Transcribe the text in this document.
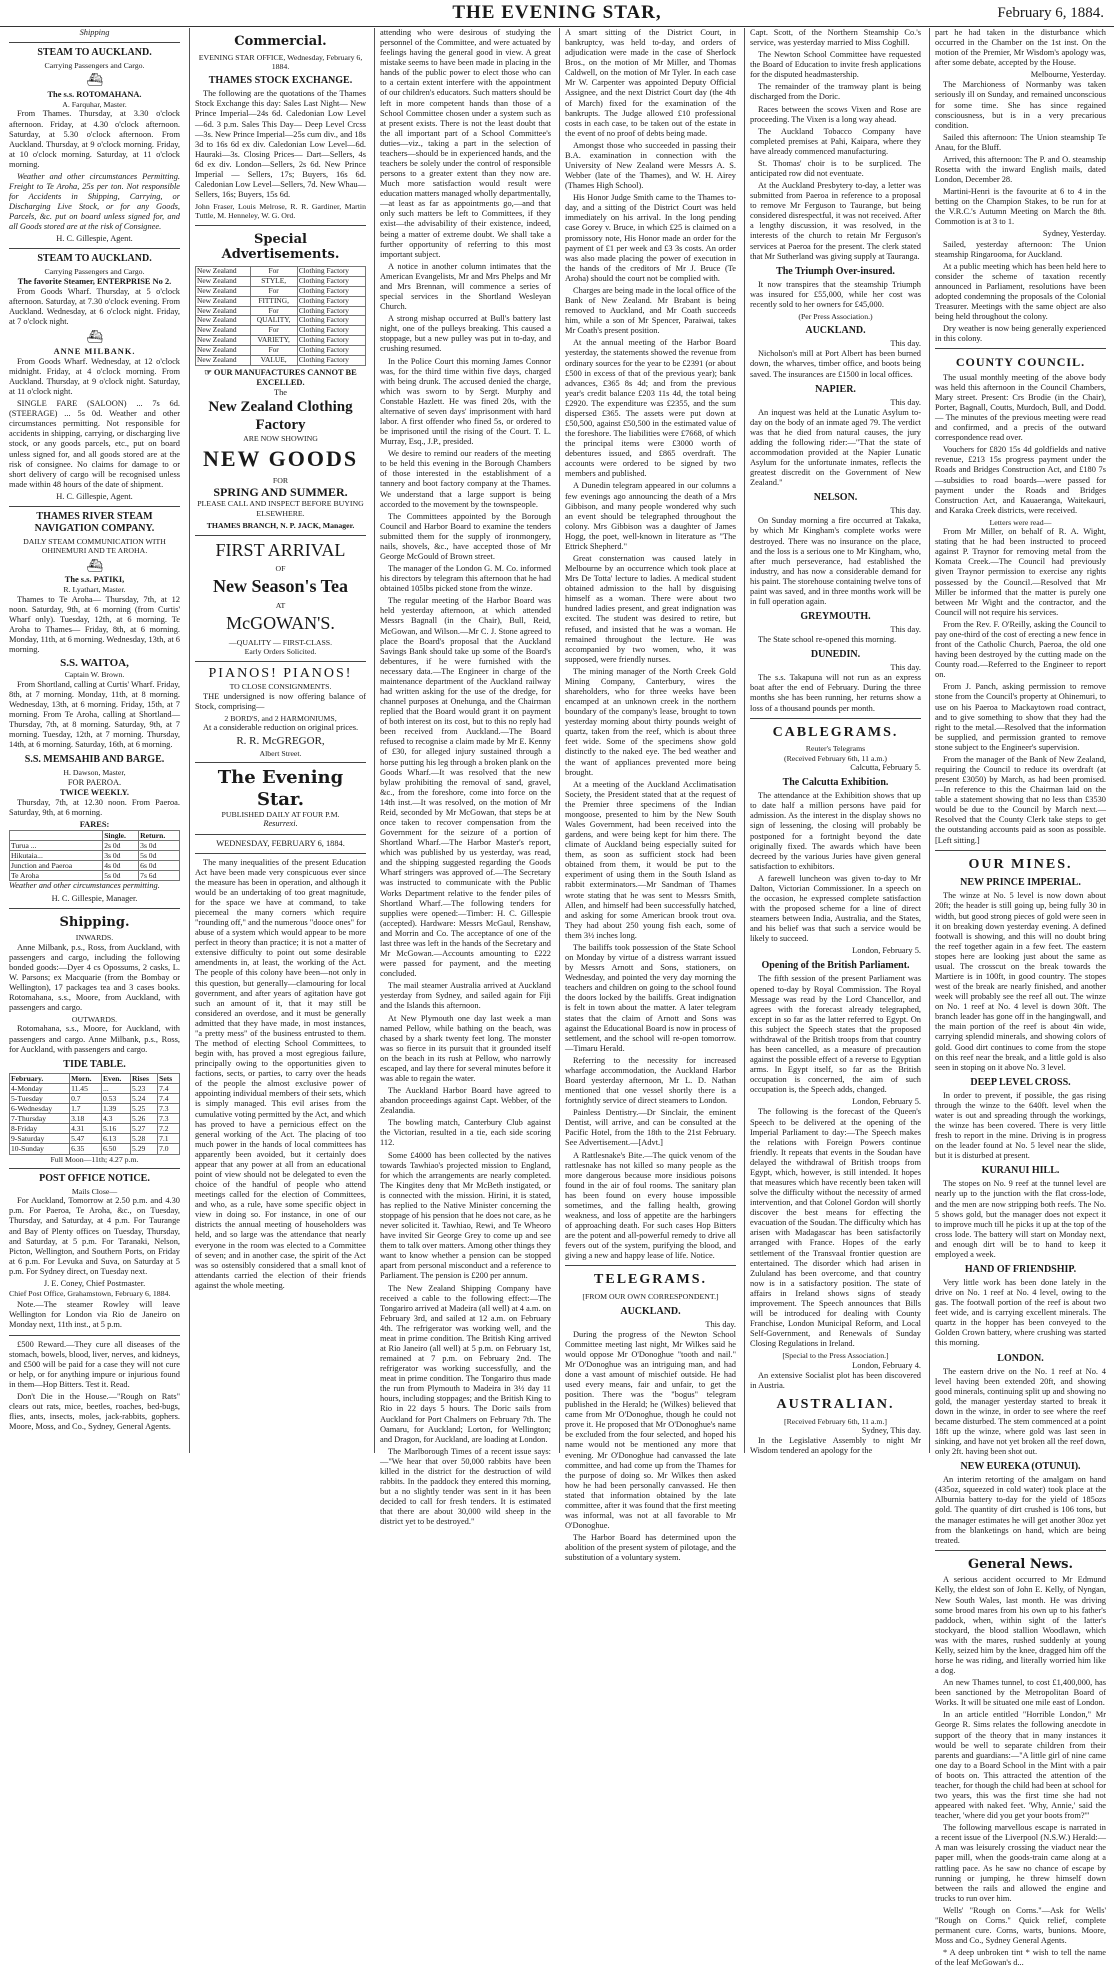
THE EVENING STAR,	February 6, 1884.
Shipping
STEAM TO AUCKLAND.
Carrying Passengers and Cargo.
⛴
The s.s. ROTOMAHANA.
A. Farquhar, Master.

From Thames. Thursday, at 3.30 o'clock afternoon. Friday, at 4.30 o'clock afternoon. Saturday, at 5.30 o'clock afternoon. From Auckland. Thursday, at 9 o'clock morning. Friday, at 10 o'clock morning. Saturday, at 11 o'clock morning.

Weather and other circumstances Permitting. Freight to Te Aroha, 25s per ton. Not responsible for Accidents in Shipping, Carrying, or Discharging Live Stock, or for any Goods, Parcels, &c. put on board unless signed for, and all Goods stored are at the risk of Consignee.

H. C. Gillespie, Agent.
STEAM TO AUCKLAND.
Carrying Passengers and Cargo.
The favorite Steamer, ENTERPRISE No 2.

From Goods Wharf. Thursday, at 5 o'clock afternoon. Saturday, at 7.30 o'clock evening. From Auckland. Wednesday, at 6 o'clock night. Friday, at 7 o'clock night.

⛴
ANNE MILBANK.

From Goods Wharf. Wednesday, at 12 o'clock midnight. Friday, at 4 o'clock morning. From Auckland. Thursday, at 9 o'clock night. Saturday, at 11 o'clock night.

SINGLE FARE (SALOON) ... 7s 6d. (STEERAGE) ... 5s 0d. Weather and other circumstances permitting. Not responsible for accidents in shipping, carrying, or discharging live stock, or any goods parcels, etc., put on board unless signed for, and all goods stored are at the risk of consignee. No claims for damage to or short delivery of cargo will be recognised unless made within 48 hours of the date of shipment.

H. C. Gillespie, Agent.
THAMES RIVER STEAM NAVIGATION COMPANY.
DAILY STEAM COMMUNICATION WITH OHINEMURI AND TE AROHA.
⛴
The s.s. PATIKI,
R. Lyathart, Master.

Thames to Te Aroha— Thursday, 7th, at 12 noon. Saturday, 9th, at 6 morning (from Curtis' Wharf only). Tuesday, 12th, at 6 morning. Te Aroha to Thames— Friday, 8th, at 6 morning. Monday, 11th, at 6 morning. Wednesday, 13th, at 6 morning.

S.S. WAITOA,
Captain W. Brown.

From Shortland, calling at Curtis' Wharf. Friday, 8th, at 7 morning. Monday, 11th, at 8 morning. Wednesday, 13th, at 6 morning. Friday, 15th, at 7 morning. From Te Aroha, calling at Shortland— Thursday, 7th, at 8 morning. Saturday, 9th, at 7 morning. Tuesday, 12th, at 7 morning. Thursday, 14th, at 6 morning. Saturday, 16th, at 6 morning.

S.S. MEMSAHIB AND BARGE.
H. Dawson, Master,
FOR PAEROA.
TWICE WEEKLY.

Thursday, 7th, at 12.30 noon. From Paeroa. Saturday, 9th, at 6 morning.

FARES:
	Single.	Return.
Turua ...	2s 0d	3s 0d
Hikutaia...	3s 0d	5s 0d
Junction and Paeroa	4s 0d	6s 0d
Te Aroha	5s 0d	7s 6d

Weather and other circumstances permitting.

H. C. Gillespie, Manager.
Shipping.
INWARDS.

Anne Milbank, p.s., Ross, from Auckland, with passengers and cargo, including the following bonded goods:—Dyer 4 cs Opossums, 2 casks, L. W. Parsons; ex Macquarie (from the Bombay or Wellington), 17 packages tea and 3 cases books. Rotomahana, s.s., Moore, from Auckland, with passengers and cargo.

OUTWARDS.

Rotomahana, s.s., Moore, for Auckland, with passengers and cargo. Anne Milbank, p.s., Ross, for Auckland, with passengers and cargo.

TIDE TABLE.
February.	Morn.	Even.	Rises	Sets
4-Monday	11.45	...	5.23	7.4
5-Tuesday	0.7	0.53	5.24	7.4
6-Wednesday	1.7	1.39	5.25	7.3
7-Thursday	3.18	4.3	5.26	7.3
8-Friday	4.31	5.16	5.27	7.2
9-Saturday	5.47	6.13	5.28	7.1
10-Sunday	6.35	6.50	5.29	7.0
Full Moon—11th; 4.27 p.m.
POST OFFICE NOTICE.
Mails Close—

For Auckland, Tomorrow at 2.50 p.m. and 4.30 p.m. For Paeroa, Te Aroha, &c., on Tuesday, Thursday, and Saturday, at 4 p.m. For Taurange and Bay of Plenty offices on Tuesday, Thursday, and Saturday, at 5 p.m. For Taranaki, Nelson, Picton, Wellington, and Southern Ports, on Friday at 6 p.m. For Levuka and Suva, on Saturday at 5 p.m. For Sydney direct, on Tuesday next.

J. E. Coney, Chief Postmaster.

Chief Post Office, Grahamstown, February 6, 1884.

Note.—The steamer Rowley will leave Wellington for London via Rio de Janeiro on Monday next, 11th inst., at 5 p.m.

£500 Reward.—They cure all diseases of the stomach, bowels, blood, liver, nerves, and kidneys, and £500 will be paid for a case they will not cure or help, or for anything impure or injurious found in them—Hop Bitters. Test it. Read.

Don't Die in the House.—"Rough on Rats" clears out rats, mice, beetles, roaches, bed-bugs, flies, ants, insects, moles, jack-rabbits, gophers. Moore, Moss, and Co., Sydney, General Agents.

Commercial.
EVENING STAR OFFICE, Wednesday, February 6, 1884.
THAMES STOCK EXCHANGE.

The following are the quotations of the Thames Stock Exchange this day: Sales Last Night— New Prince Imperial—24s 6d. Caledonian Low Level—6d. 3 p.m. Sales This Day— Deep Level Crcss—3s. New Prince Imperial—25s cum div., and 18s 3d to 16s 6d ex div. Caledonian Low Level—6d. Hauraki—3s. Closing Prices— Dart—Sellers, 4s 6d ex div. London—Sellers, 2s 6d. New Prince Imperial — Sellers, 17s; Buyers, 16s 6d. Caledonian Low Level—Sellers, 7d. New Whau—Sellers, 16s; Buyers, 15s 6d.

John Fraser, Louis Melrose, R. R. Gardiner, Martin Tuttle, M. Henneley, W. G. Ord.

Special Advertisements.
New Zealand	For	Clothing Factory
New Zealand	STYLE,	Clothing Factory
New Zealand	For	Clothing Factory
New Zealand	FITTING,	Clothing Factory
New Zealand	For	Clothing Factory
New Zealand	QUALITY,	Clothing Factory
New Zealand	For	Clothing Factory
New Zealand	VARIETY,	Clothing Factory
New Zealand	For	Clothing Factory
New Zealand	VALUE,	Clothing Factory
☞ OUR MANUFACTURES CANNOT BE EXCELLED.
The
New Zealand Clothing Factory
ARE NOW SHOWING
NEW GOODS
FOR
SPRING AND SUMMER.
PLEASE CALL AND INSPECT BEFORE BUYING ELSEWHERE.
THAMES BRANCH, N. P. JACK, Manager.
FIRST ARRIVAL
OF
New Season's Tea
AT
McGOWAN'S.
—QUALITY — FIRST-CLASS.
Early Orders Solicited.
PIANOS! PIANOS!
TO CLOSE CONSIGNMENTS.

THE undersigned is now offering balance of Stock, comprising—

2 BORD'S, and 2 HARMONIUMS,

At a considerable reduction on original prices.

R. R. McGREGOR,
Albert Street.
The Evening Star.
PUBLISHED DAILY AT FOUR P.M.
Resurrexi.
WEDNESDAY, FEBRUARY 6, 1884.

The many inequalities of the present Education Act have been made very conspicuous ever since the measure has been in operation, and although it would be an undertaking of too great magnitude, for the space we have at command, to take piecemeal the many corners which require "rounding off," and the numerous "dooce ones" for abuse of a system which would appear to be more perfect in theory than practice; it is not a matter of extensive difficulty to point out some desirable amendments in, at least, the working of the Act. The people of this colony have been—not only in this question, but generally—clamouring for local government, and after years of agitation have got such an amount of it, that it may still be considered an overdose, and it must be generally admitted that they have made, in most instances, "a pretty mess" of the business entrusted to them. The method of electing School Committees, to begin with, has proved a most egregious failure, principally owing to the opportunities given to factions, sects, or parties, to carry over the heads of the people the almost exclusive power of appointing individual members of their sets, which is simply managed. This evil arises from the cumulative voting permitted by the Act, and which has proved to have a pernicious effect on the general working of the Act. The placing of too much power in the hands of local committees has apparently been avoided, but it certainly does appear that any power at all from an educational point of view should not be delegated to even the choice of the handful of people who attend meetings called for the election of Committees, and who, as a rule, have some specific object in view in doing so. For instance, in one of our districts the annual meeting of householders was held, and so large was the attendance that nearly everyone in the room was elected to a Committee of seven; and in another case, the spirit of the Act was so ostensibly considered that a small knot of attendants carried the election of their friends against the whole meeting.

attending who were desirous of studying the personnel of the Committee, and were actuated by feelings having the general good in view. A great mistake seems to have been made in placing in the hands of the public power to elect those who can to a certain extent interfere with the appointment of our children's educators. Such matters should be left in more competent hands than those of a School Committee chosen under a system such as at present exists. There is not the least doubt that the all important part of a School Committee's duties—viz., taking a part in the selection of teachers—should be in experienced hands, and the teachers be solely under the control of responsible persons to a greater extent than they now are. Much more satisfaction would result were education matters managed wholly departmentally,—at least as far as appointments go,—and that only such matters be left to Committees, if they exist—the advisability of their existence, indeed, being a matter of extreme doubt. We shall take a further opportunity of referring to this most important subject.

A notice in another column intimates that the American Evangelists, Mr and Mrs Phelps and Mr and Mrs Brennan, will commence a series of special services in the Shortland Wesleyan Church.

A strong mishap occurred at Bull's battery last night, one of the pulleys breaking. This caused a stoppage, but a new pulley was put in to-day, and crushing resumed.

In the Police Court this morning James Connor was, for the third time within five days, charged with being drunk. The accused denied the charge, which was sworn to by Sergt. Murphy and Constable Hazlett. He was fined 20s, with the alternative of seven days' imprisonment with hard labor. A first offender who fined 5s, or ordered to be imprisoned until the rising of the Court. T. L. Murray, Esq., J.P., presided.

We desire to remind our readers of the meeting to be held this evening in the Borough Chambers of those interested in the establishment of a tannery and boot factory company at the Thames. We understand that a large support is being accorded to the movement by the townspeople.

The Committees appointed by the Borough Council and Harbor Board to examine the tenders submitted them for the supply of ironmongery, nails, shovels, &c., have accepted those of Mr George McGould of Brown street.

The manager of the London G. M. Co. informed his directors by telegram this afternoon that he had obtained 105lbs picked stone from the winze.

The regular meeting of the Harbor Board was held yesterday afternoon, at which attended Messrs Bagnall (in the Chair), Bull, Reid, McGowan, and Wilson.—Mr C. J. Stone agreed to place the Board's proposal that the Auckland Savings Bank should take up some of the Board's debentures, if he were furnished with the necessary data.—The Engineer in charge of the maintenance department of the Auckland railway had written asking for the use of the dredge, for channel purposes at Onehunga, and the Chairman replied that the Board would grant it on payment of both interest on its cost, but to this no reply had been received from Auckland.—The Board refused to recognise a claim made by Mr E. Kenny of £30, for alleged injury sustained through a horse putting his leg through a broken plank on the Goods Wharf.—It was resolved that the new bylaw prohibiting the removal of sand, gravel, &c., from the foreshore, come into force on the 14th inst.—It was resolved, on the motion of Mr Reid, seconded by Mr McGowan, that steps be at once taken to recover compensation from the Government for the seizure of a portion of Shortland Wharf.—The Harbor Master's report, which was published by us yesterday, was read, and the shipping suggested regarding the Goods Wharf stringers was approved of.—The Secretary was instructed to communicate with the Public Works Department relative to the fender piles of Shortland Wharf.—The following tenders for supplies were opened:—Timber: H. C. Gillespie (accepted). Hardware: Messrs McGaul, Renshaw, and Morrin and Co. The acceptance of one of the last three was left in the hands of the Secretary and Mr McGowan.—Accounts amounting to £222 were passed for payment, and the meeting concluded.

The mail steamer Australia arrived at Auckland yesterday from Sydney, and sailed again for Fiji and the Islands this afternoon.

At New Plymouth one day last week a man named Pellow, while bathing on the beach, was chased by a shark twenty feet long. The monster was so fierce in its pursuit that it grounded itself on the beach in its rush at Pellow, who narrowly escaped, and lay there for several minutes before it was able to regain the water.

The Auckland Harbor Board have agreed to abandon proceedings against Capt. Webber, of the Zealandia.

The bowling match, Canterbury Club against the Victorian, resulted in a tie, each side scoring 112.

Some £4000 has been collected by the natives towards Tawhiao's projected mission to England, for which the arrangements are nearly completed. The Kingites deny that Mr McBeth instigated, or is connected with the mission. Hirini, it is stated, has replied to the Native Minister concerning the stoppage of his pension that he does not care, as he never solicited it. Tawhiao, Rewi, and Te Wheoro have invited Sir George Grey to come up and see them to talk over matters. Among other things they want to know whether a pension can be stopped apart from personal misconduct and a reference to Parliament. The pension is £200 per annum.

The New Zealand Shipping Company have received a cable to the following effect:—The Tongariro arrived at Madeira (all well) at 4 a.m. on February 3rd, and sailed at 12 a.m. on February 4th. The refrigerator was working well, and the meat in prime condition. The British King arrived at Rio Janeiro (all well) at 5 p.m. on February 1st, remained at 7 p.m. on February 2nd. The refrigerator was working successfully, and the meat in prime condition. The Tongariro thus made the run from Plymouth to Madeira in 3½ day 11 hours, including stoppages; and the British King to Rio in 22 days 5 hours. The Doric sails from Auckland for Port Chalmers on February 7th. The Oamaru, for Auckland; Lorton, for Wellington; and Dragon, for Auckland, are loading at London.

The Marlborough Times of a recent issue says:—"We hear that over 50,000 rabbits have been killed in the district for the destruction of wild rabbits. In the paddock they entered this morning, but a no slightly tender was sent in it has been decided to call for fresh tenders. It is estimated that there are about 30,000 wild sheep in the district yet to be destroyed."

A smart sitting of the District Court, in bankruptcy, was held to-day, and orders of adjudication were made in the case of Sherlock Bros., on the motion of Mr Miller, and Thomas Caldwell, on the motion of Mr Tyler. In each case Mr W. Carpenter was appointed Deputy Official Assignee, and the next District Court day (the 4th of March) fixed for the examination of the bankrupts. The Judge allowed £10 professional costs in each case, to be taken out of the estate in the event of no proof of debts being made.

Amongst those who succeeded in passing their B.A. examination in connection with the University of New Zealand were Messrs A. S. Webber (late of the Thames), and W. H. Airey (Thames High School).

His Honor Judge Smith came to the Thames to-day, and a sitting of the District Court was held immediately on his arrival. In the long pending case Gorey v. Bruce, in which £25 is claimed on a promissory note, His Honor made an order for the payment of £1 per week and £3 3s costs. An order was also made placing the power of execution in the hands of the creditors of Mr J. Bruce (Te Aroha) should the court not be complied with.

Charges are being made in the local office of the Bank of New Zealand. Mr Brabant is being removed to Auckland, and Mr Coath succeeds him, while a son of Mr Spencer, Paraiwai, takes Mr Coath's present position.

At the annual meeting of the Harbor Board yesterday, the statements showed the revenue from ordinary sources for the year to be £2391 (or about £500 in excess of that of the previous year); bank advances, £365 8s 4d; and from the previous year's credit balance £203 11s 4d, the total being £2920. The expenditure was £2355, and the sum dispersed £365. The assets were put down at £50,500, against £50,500 in the estimated value of the foreshore. The liabilities were £7668, of which the principal items were £3000 worth of debentures issued, and £865 overdraft. The accounts were ordered to be signed by two members and published.

A Dunedin telegram appeared in our columns a few evenings ago announcing the death of a Mrs Gibbison, and many people wondered why such an event should be telegraphed throughout the colony. Mrs Gibbison was a daughter of James Hogg, the poet, well-known in literature as "The Ettrick Shepherd."

Great consternation was caused lately in Melbourne by an occurrence which took place at Mrs De Totta' lecture to ladies. A medical student obtained admission to the hall by disguising himself as a woman. There were about two hundred ladies present, and great indignation was excited. The student was desired to retire, but refused, and insisted that he was a woman. He remained throughout the lecture. He was accompanied by two women, who, it was supposed, were friendly nurses.

The mining manager of the North Creek Gold Mining Company, Canterbury, wires the shareholders, who for three weeks have been encamped at an unknown creek in the northern boundary of the company's lease, brought to town yesterday morning about thirty pounds weight of quartz, taken from the reef, which is about three feet wide. Some of the specimens show gold distinctly to the naked eye. The bed weather and the want of appliances prevented more being brought.

At a meeting of the Auckland Acclimatisation Society, the President stated that at the request of the Premier three specimens of the Indian mongoose, presented to him by the New South Wales Government, had been received into the gardens, and were being kept for him there. The climate of Auckland being especially suited for them, as soon as sufficient stock had been obtained from them, it would be put to the experiment of using them in the South Island as rabbit exterminators.—Mr Sandman of Thames wrote stating that he was sent to Messrs Smith, Allen, and himself had been successfully hatched, and asking for some American brook trout ova. They had about 250 young fish each, some of them 3½ inches long.

The bailiffs took possession of the State School on Monday by virtue of a distress warrant issued by Messrs Arnott and Sons, stationers, on Wednesday, and pointed the very day morning the teachers and children on going to the school found the doors locked by the bailiffs. Great indignation is felt in town about the matter. A later telegram states that the claim of Arnott and Sons was against the Educational Board is now in process of settlement, and the school will re-open tomorrow.—Timaru Herald.

Referring to the necessity for increased wharfage accommodation, the Auckland Harbor Board yesterday afternoon, Mr L. D. Nathan mentioned that one vessel shortly there is a fortnightly service of direct steamers to London.

Painless Dentistry.—Dr Sinclair, the eminent Dentist, will arrive, and can be consulted at the Pacific Hotel, from the 18th to the 21st February. See Advertisement.—[Advt.]

A Rattlesnake's Bite.—The quick venom of the rattlesnake has not killed so many people as the more dangerous because more insidious poisons found in the air of foul rooms. The sanitary plan has been found on every house impossible sometimes, and the falling health, growing weakness, and loss of appetite are the harbingers of approaching death. For such cases Hop Bitters are the potent and all-powerful remedy to drive all fevers out of the system, purifying the blood, and giving a new and happy lease of life. Notice.

TELEGRAMS.
[FROM OUR OWN CORRESPONDENT.]
AUCKLAND.
This day.

During the progress of the Newton School Committee meeting last night, Mr Wilkes said he would oppose Mr O'Donoghue "tooth and nail." Mr O'Donoghue was an intriguing man, and had done a vast amount of mischief outside. He had used every means, fair and unfair, to get the position. There was the "bogus" telegram published in the Herald; he (Wilkes) believed that came from Mr O'Donoghue, though he could not prove it. He proposed that Mr O'Donoghue's name be excluded from the four selected, and hoped his name would not be mentioned any more that evening. Mr O'Donoghue had canvassed the late committee, and had come up from the Thames for the purpose of doing so. Mr Wilkes then asked how he had been personally canvassed. He then stated that information obtained by the late committee, after it was found that the first meeting was informal, was not at all favorable to Mr O'Donoghue.

The Harbor Board has determined upon the abolition of the present system of pilotage, and the substitution of a voluntary system.

Capt. Scott, of the Northern Steamship Co.'s service, was yesterday married to Miss Coghill.

The Newton School Committee have requested the Board of Education to invite fresh applications for the disputed headmastership.

The remainder of the tramway plant is being discharged from the Doric.

Races between the scows Vixen and Rose are proceeding. The Vixen is a long way ahead.

The Auckland Tobacco Company have completed premises at Pahi, Kaipara, where they have already commenced manufacturing.

St. Thomas' choir is to be surpliced. The anticipated row did not eventuate.

At the Auckland Presbytery to-day, a letter was submitted from Paeroa in reference to a proposal to remove Mr Ferguson to Taurange, but being considered disrespectful, it was not received. After a lengthy discussion, it was resolved, in the interests of the church to retain Mr Ferguson's services at Paeroa for the present. The clerk stated that Mr Sutherland was giving supply at Tauranga.

The Triumph Over-insured.

It now transpires that the steamship Triumph was insured for £55,000, while her cost was recently sold to her owners for £45,000.

(Per Press Association.)
AUCKLAND.
This day.

Nicholson's mill at Port Albert has been burned down, the wharves, timber office, and boots being saved. The insurances are £1500 in local offices.

NAPIER.
This day.

An inquest was held at the Lunatic Asylum to-day on the body of an inmate aged 79. The verdict was that he died from natural causes, the jury adding the following rider:—"That the state of accommodation provided at the Napier Lunatic Asylum for the unfortunate inmates, reflects the greatest discredit on the Government of New Zealand."

NELSON.
This day.

On Sunday morning a fire occurred at Takaka, by which Mr Kingham's complete works were destroyed. There was no insurance on the place, and the loss is a serious one to Mr Kingham, who, after much perseverance, had established the industry, and has now a considerable demand for his paint. The storehouse containing twelve tons of paint was saved, and in three months work will be in full operation again.

GREYMOUTH.
This day.

The State school re-opened this morning.

DUNEDIN.
This day.

The s.s. Takapuna will not run as an express boat after the end of February. During the three months she has been running, her returns show a loss of a thousand pounds per month.

CABLEGRAMS.
Reuter's Telegrams
(Received February 6th, 11 a.m.)
Calcutta, February 5.
The Calcutta Exhibition.

The attendance at the Exhibition shows that up to date half a million persons have paid for admission. As the interest in the display shows no sign of lessening, the closing will probably be postponed for a fortnight beyond the date originally fixed. The awards which have been decreed by the various Juries have given general satisfaction to exhibitors.

A farewell luncheon was given to-day to Mr Dalton, Victorian Commissioner. In a speech on the occasion, he expressed complete satisfaction with the proposed scheme for a line of direct steamers between India, Australia, and the States, and his belief was that such a service would be likely to succeed.

London, February 5.
Opening of the British Parliament.

The fifth session of the present Parliament was opened to-day by Royal Commission. The Royal Message was read by the Lord Chancellor, and agrees with the forecast already telegraphed, except in so far as the latter referred to Egypt. On this subject the Speech states that the proposed withdrawal of the British troops from that country has been cancelled, as a measure of precaution against the possible effect of a reverse to Egyptian arms. In Egypt itself, so far as the British occupation is concerned, the aim of such occupation is, the Speech adds, changed.

London, February 5.

The following is the forecast of the Queen's Speech to be delivered at the opening of the Imperial Parliament to day:—The Speech makes the relations with Foreign Powers continue friendly. It repeats that events in the Soudan have delayed the withdrawal of British troops from Egypt, which, however, is still intended. It hopes that measures which have recently been taken will solve the difficulty without the necessity of armed intervention, and that Colonel Gordon will shortly discover the best means for effecting the evacuation of the Soudan. The difficulty which has arisen with Madagascar has been satisfactorily arranged with France. Hopes of the early settlement of the Transvaal frontier question are entertained. The disorder which had arisen in Zululand has been overcome, and that country now is in a satisfactory position. The state of affairs in Ireland shows signs of steady improvement. The Speech announces that Bills will be introduced for dealing with County Franchise, London Municipal Reform, and Local Self-Government, and Renewals of Sunday Closing Regulations in Ireland.

[Special to the Press Association.]
London, February 4.

An extensive Socialist plot has been discovered in Austria.

AUSTRALIAN.
[Received February 6th, 11 a.m.]
Sydney, This day.

In the Legislative Assembly to night Mr Wisdom tendered an apology for the

part he had taken in the disturbance which occurred in the Chamber on the 1st inst. On the motion of the Premier, Mr Wisdom's apology was, after some debate, accepted by the House.

Melbourne, Yesterday.

The Marchioness of Normanby was taken seriously ill on Sunday, and remained unconscious for some time. She has since regained consciousness, but is in a very precarious condition.

Sailed this afternoon: The Union steamship Te Anau, for the Bluff.

Arrived, this afternoon: The P. and O. steamship Rosetta with the inward English mails, dated London, December 28.

Martini-Henri is the favourite at 6 to 4 in the betting on the Champion Stakes, to be run for at the V.R.C.'s Autumn Meeting on March the 8th. Commotion is at 3 to 1.

Sydney, Yesterday.

Sailed, yesterday afternoon: The Union steamship Ringarooma, for Auckland.

At a public meeting which has been held here to consider the scheme of taxation recently announced in Parliament, resolutions have been adopted condemning the proposals of the Colonial Treasurer. Meetings with the same object are also being held throughout the colony.

Dry weather is now being generally experienced in this colony.

COUNTY COUNCIL.

The usual monthly meeting of the above body was held this afternoon in the Council Chambers, Mary street. Present: Crs Brodie (in the Chair), Porter, Bagnall, Coutts, Murdoch, Bull, and Dodd.— The minutes of the previous meeting were read and confirmed, and a precis of the outward correspondence read over.

Vouchers for £820 15s 4d goldfields and native revenue, £213 15s progress payment under the Roads and Bridges Construction Act, and £180 7s—subsidies to road boards—were passed for payment under the Roads and Bridges Construction Act, and Kauaeranga, Waitekauri, and Karaka Creek districts, were received.

Letters were read—

From Mr Miller, on behalf of R. A. Wight, stating that he had been instructed to proceed against P. Traynor for removing metal from the Komata Creek.—The Council had previously given Traynor permission to exercise any rights possessed by the Council.—Resolved that Mr Miller be informed that the matter is purely one between Mr Wight and the contractor, and the Council will not require his services.

From the Rev. F. O'Reilly, asking the Council to pay one-third of the cost of erecting a new fence in front of the Catholic Church, Paeroa, the old one having been destroyed by the cutting made on the County road.—Referred to the Engineer to report on.

From J. Panch, asking permission to remove stone from the Council's property at Ohinemuri, to use on his Paeroa to Mackaytown road contract, and to give something to show that they had the right to the metal.—Resolved that the information be supplied, and permission granted to remove stone subject to the Engineer's supervision.

From the manager of the Bank of New Zealand, requiring the Council to reduce its overdraft (at present £3050) by March, as had been promised.—In reference to this the Chairman laid on the table a statement showing that no less than £3530 would be due to the Council by March next.—Resolved that the County Clerk take steps to get the outstanding accounts paid as soon as possible. [Left sitting.]

OUR MINES.
NEW PRINCE IMPERIAL.

The winze at No. 5 level is now down about 20ft; the header is still going up, being fully 30 in width, but good strong pieces of gold were seen in it on breaking down yesterday evening. A defined footwall is showing, and this will no doubt bring the reef together again in a few feet. The eastern stopes here are looking just about the same as usual. The crosscut on the break towards the Martiere is in 100ft, in good country. The stopes west of the break are nearly finished, and another week will probably see the reef all out. The winze on No. 1 reef at No. 4 level is down 30ft. The branch leader has gone off in the hangingwall, and the main portion of the reef is about 4in wide, carrying splendid minerals, and showing colors of gold. Good dirt continues to come from the stope on this reef near the break, and a little gold is also seen in stoping on it above No. 3 level.

DEEP LEVEL CROSS.

In order to prevent, if possible, the gas rising through the winze to the 640ft. level when the water is out and spreading through the workings, the winze has been covered. There is very little fresh to report in the mine. Driving is in progress on the leader found at No. 5 level near the slide, but it is disturbed at present.

KURANUI HILL.

The stopes on No. 9 reef at the tunnel level are nearly up to the junction with the flat cross-lode, and the men are now stripping both reefs. The No. 5 shows gold, but the manager does not expect it to improve much till he picks it up at the top of the cross lode. The battery will start on Monday next, and enough dirt will be to hand to keep it employed a week.

HAND OF FRIENDSHIP.

Very little work has been done lately in the drive on No. 1 reef at No. 4 level, owing to the gas. The footwall portion of the reef is about two feet wide, and is carrying excellent minerals. The quartz in the hopper has been conveyed to the Golden Crown battery, where crushing was started this morning.

LONDON.

The eastern drive on the No. 1 reef at No. 4 level having been extended 20ft, and showing good minerals, continuing split up and showing no gold, the manager yesterday started to break it down in the winze, in order to see where the reef became disturbed. The stem commenced at a point 18ft up the winze, where gold was last seen in sinking, and have not yet broken all the reef down, only 2ft. having been shot out.

NEW EUREKA (OTUNUI).

An interim retorting of the amalgam on hand (435oz, squeezed in cold water) took place at the Alburnia battery to-day for the yield of 185ozs gold. The quantity of dirt crushed is 106 tons, but the manager estimates he will get another 30oz yet from the blanketings on hand, which are being treated.

General News.

A serious accident occurred to Mr Edmund Kelly, the eldest son of John E. Kelly, of Nyngan, New South Wales, last month. He was driving some brood mares from his own up to his father's paddock, when, within sight of the latter's stockyard, the blood stallion Woodlawn, which was with the mares, rushed suddenly at young Kelly, seized him by the knee, dragged him off the horse he was riding, and literally worried him like a dog.

An new Thames tunnel, to cost £1,400,000, has been sanctioned by the Metropolitan Board of Works. It will be situated one mile east of London.

In an article entitled "Horrible London," Mr George R. Sims relates the following anecdote in support of the theory that in many instances it would be well to separate children from their parents and guardians:—"A little girl of nine came one day to a Board School in the Mint with a pair of boots on. This attracted the attention of the teacher, for though the child had been at school for two years, this was the first time she had not appeared with naked feet. 'Why, Annie,' said the teacher, 'where did you get your boots from?'"

The following marvellous escape is narrated in a recent issue of the Liverpool (N.S.W.) Herald:—A man was leisurely crossing the viaduct near the paper mill, when the goods-train came along at a rattling pace. As he saw no chance of escape by running or jumping, he threw himself down between the rails and allowed the engine and trucks to run over him.

Wells' "Rough on Corns."—Ask for Wells' "Rough on Corns." Quick relief, complete permanent cure. Corns, warts, bunions. Moore, Moss and Co., Sydney General Agents.

* A deep unbroken tint * wish to tell the name of the leaf McGowan's d...
